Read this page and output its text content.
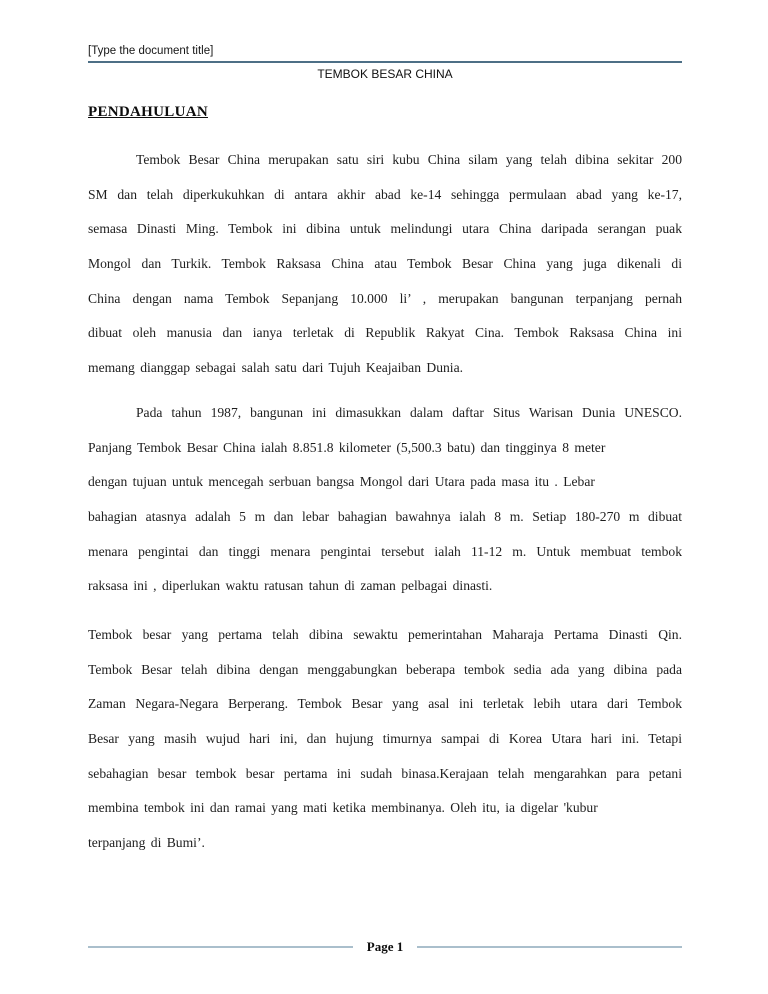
[Type the document title]
TEMBOK BESAR CHINA
PENDAHULUAN
Tembok Besar China merupakan satu siri kubu China silam yang telah dibina sekitar 200
SM dan telah diperkukuhkan di antara akhir abad ke-14 sehingga permulaan abad yang ke-17,
semasa Dinasti Ming. Tembok ini dibina untuk melindungi utara China daripada serangan puak
Mongol dan Turkik. Tembok Raksasa China atau Tembok Besar China yang juga dikenali di
China dengan nama Tembok Sepanjang 10.000 li’ , merupakan bangunan terpanjang pernah
dibuat oleh manusia dan ianya terletak di Republik Rakyat Cina. Tembok Raksasa China ini
memang dianggap sebagai salah satu dari Tujuh Keajaiban Dunia.
Pada tahun 1987, bangunan ini dimasukkan dalam daftar Situs Warisan Dunia UNESCO.
Panjang Tembok Besar China ialah 8.851.8 kilometer (5,500.3 batu) dan tingginya 8 meter
dengan tujuan untuk mencegah serbuan bangsa Mongol dari Utara pada masa itu . Lebar
bahagian atasnya adalah 5 m dan lebar bahagian bawahnya ialah 8 m. Setiap 180-270 m dibuat
menara pengintai dan tinggi menara pengintai tersebut ialah 11-12 m. Untuk membuat tembok
raksasa ini , diperlukan waktu ratusan tahun di zaman pelbagai dinasti.
Tembok besar yang pertama telah dibina sewaktu pemerintahan Maharaja Pertama Dinasti Qin.
Tembok Besar telah dibina dengan menggabungkan beberapa tembok sedia ada yang dibina pada
Zaman Negara-Negara Berperang. Tembok Besar yang asal ini terletak lebih utara dari Tembok
Besar yang masih wujud hari ini, dan hujung timurnya sampai di Korea Utara hari ini. Tetapi
sebahagian besar tembok besar pertama ini sudah binasa.Kerajaan telah mengarahkan para petani
membina tembok ini dan ramai yang mati ketika membinanya. Oleh itu, ia digelar 'kubur
terpanjang di Bumi’.
Page 1
